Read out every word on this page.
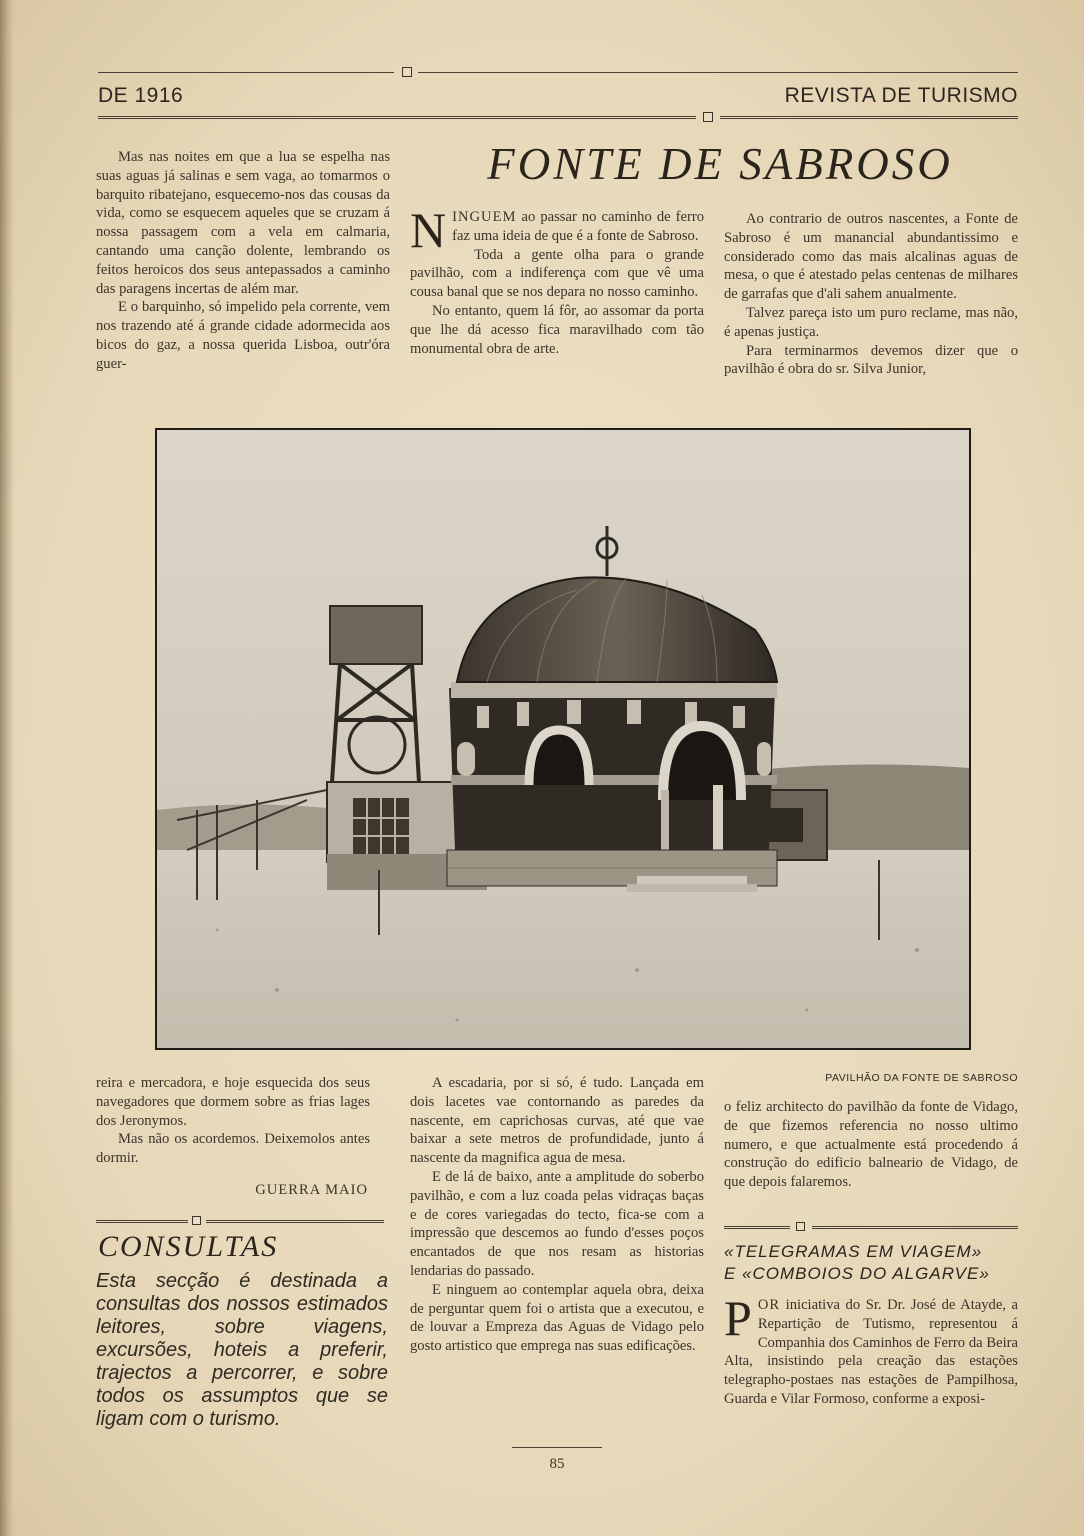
DE 1916	REVISTA DE TURISMO
FONTE DE SABROSO

Mas nas noites em que a lua se espelha nas suas aguas já salinas e sem vaga, ao tomarmos o barquito ribatejano, esquecemo-nos das cousas da vida, como se esquecem aqueles que se cruzam á nossa passagem com a vela em calmaria, cantando uma canção dolente, lembrando os feitos heroicos dos seus antepassados a caminho das paragens incertas de além mar.

E o barquinho, só impelido pela corrente, vem nos trazendo até á grande cidade adormecida aos bicos do gaz, a nossa querida Lisboa, outr'óra guer-

NINGUEM ao passar no caminho de ferro faz uma ideia de que é a fonte de Sabroso.

Toda a gente olha para o grande pavilhão, com a indiferença com que vê uma cousa banal que se nos depara no nosso caminho.

No entanto, quem lá fôr, ao assomar da porta que lhe dá acesso fica maravilhado com tão monumental obra de arte.

Ao contrario de outros nascentes, a Fonte de Sabroso é um manancial abundantissimo e considerado como das mais alcalinas aguas de mesa, o que é atestado pelas centenas de milhares de garrafas que d'ali sahem anualmente.

Talvez pareça isto um puro reclame, mas não, é apenas justiça.

Para terminarmos devemos dizer que o pavilhão é obra do sr. Silva Junior,

PAVILHÃO DA FONTE DE SABROSO

reira e mercadora, e hoje esquecida dos seus navegadores que dormem sobre as frias lages dos Jeronymos.

Mas não os acordemos. Deixemolos antes dormir.

GUERRA MAIO
CONSULTAS
Esta secção é destinada a consultas dos nossos estimados leitores, sobre viagens, excursões, hoteis a preferir, trajectos a percorrer, e sobre todos os assumptos que se ligam com o turismo.

A escadaria, por si só, é tudo. Lançada em dois lacetes vae contornando as paredes da nascente, em caprichosas curvas, até que vae baixar a sete metros de profundidade, junto á nascente da magnifica agua de mesa.

E de lá de baixo, ante a amplitude do soberbo pavilhão, e com a luz coada pelas vidraças baças e de cores variegadas do tecto, fica-se com a impressão que descemos ao fundo d'esses poços encantados de que nos resam as historias lendarias do passado.

E ninguem ao contemplar aquela obra, deixa de perguntar quem foi o artista que a executou, e de louvar a Empreza das Aguas de Vidago pelo gosto artistico que emprega nas suas edificações.

o feliz architecto do pavilhão da fonte de Vidago, de que fizemos referencia no nosso ultimo numero, e que actualmente está procedendo á construção do edificio balneario de Vidago, de que depois falaremos.

«TELEGRAMAS EM VIAGEM»
E «COMBOIOS DO ALGARVE»

POR iniciativa do Sr. Dr. José de Atayde, a Repartição de Tutismo, representou á Companhia dos Caminhos de Ferro da Beira Alta, insistindo pela creação das estações telegrapho-postaes nas estações de Pampilhosa, Guarda e Vilar Formoso, conforme a exposi-

85
